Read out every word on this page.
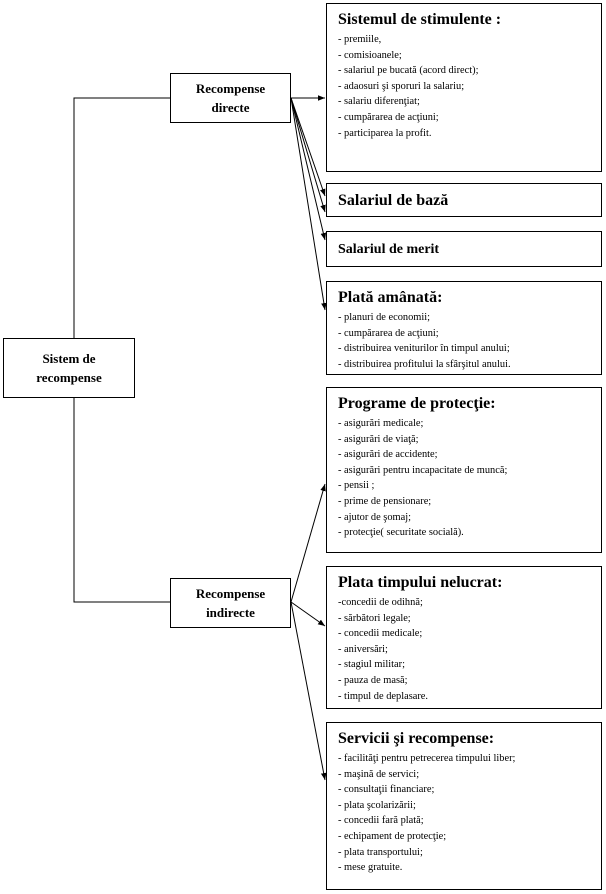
Sistem de
recompense
Recompense
directe
Recompense
indirecte
Sistemul de stimulente :
- premiile,
- comisioanele;
- salariul pe bucată (acord direct);
- adaosuri şi sporuri la salariu;
- salariu diferenţiat;
- cumpărarea de acţiuni;
- participarea la profit.
Salariul de bază
Salariul de merit
Plată amânată:
- planuri de economii;
- cumpărarea de acţiuni;
- distribuirea veniturilor în timpul anului;
- distribuirea profitului la sfârşitul anului.
Programe de protecţie:
- asigurări medicale;
- asigurări de viaţă;
- asigurări de accidente;
- asigurări pentru incapacitate de muncă;
- pensii ;
- prime de pensionare;
- ajutor de şomaj;
- protecţie( securitate socială).
Plata timpului nelucrat:
-concedii de odihnă;
- sărbători legale;
- concedii medicale;
- aniversări;
- stagiul militar;
- pauza de masă;
- timpul de deplasare.
Servicii şi recompense:
- facilităţi pentru petrecerea timpului liber;
- maşină de servici;
- consultaţii financiare;
- plata şcolarizării;
- concedii fară plată;
- echipament de protecţie;
- plata transportului;
- mese gratuite.
